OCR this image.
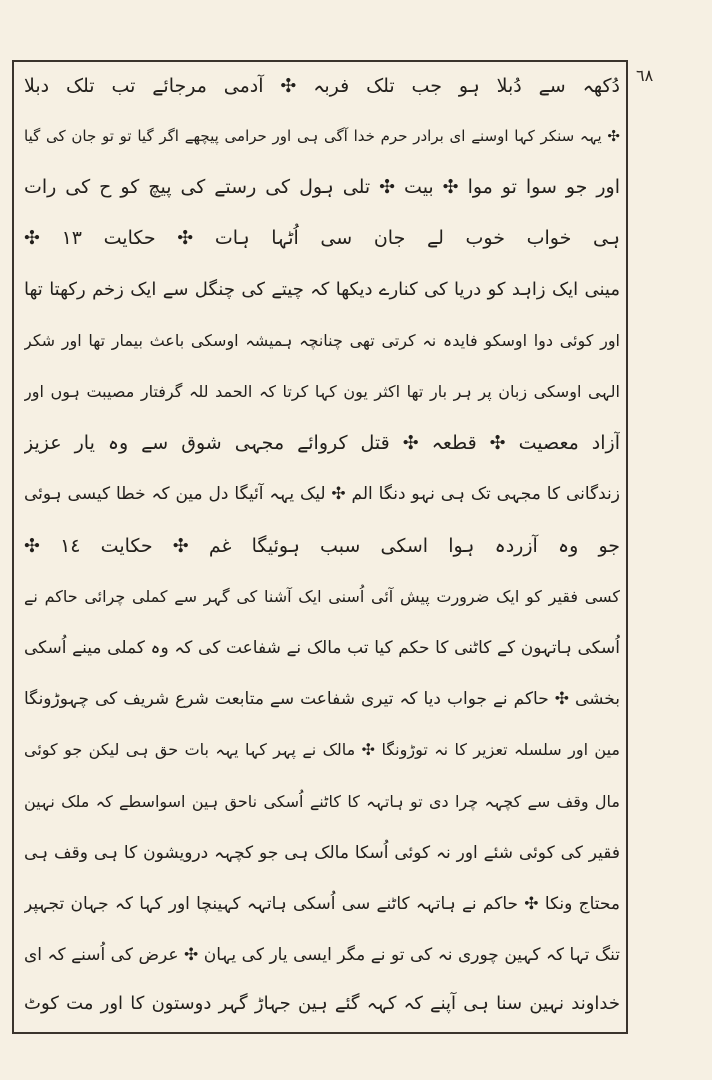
٦٨
دُکھہ سے دُبلا ہو جب تلک فربہ ✣ آدمی مرجائے تب تلک دبلا
✣ یہہ سنکر کہا اوسنے ای برادر حرم خدا آگی ہی اور حرامی پیچھے اگر گیا تو تو جان کی گیا
اور جو سوا تو موا ✣ بیت ✣ تلی ہول کی رستے کی پیچ کو ح کی رات
ہی خواب خوب لے جان سی اُٹہا ہات ✣ حکایت ١٣ ✣
مینی ایک زاہد کو دریا کی کنارے دیکھا کہ چیتے کی چنگل سے ایک زخم رکھتا تھا
اور کوئی دوا اوسکو فایدہ نہ کرتی تھی چنانچہ ہمیشہ اوسکی باعث بیمار تھا اور شکر
الہی اوسکی زبان پر ہر بار تھا اکثر یون کہا کرتا کہ الحمد للہ گرفتار مصیبت ہوں اور
آزاد معصیت ✣ قطعہ ✣ قتل کروائے مجہی شوق سے وہ یار عزیز
زندگانی کا مجہی تک ہی نہو دنگا الم ✣ لیک یہہ آئیگا دل مین کہ خطا کیسی ہوئی
جو وہ آزردہ ہوا اسکی سبب ہوئیگا غم ✣ حکایت ١٤ ✣
کسی فقیر کو ایک ضرورت پیش آئی اُسنی ایک آشنا کی گہر سے کملی چرائی حاکم نے
اُسکی ہاتہون کے کاٹنی کا حکم کیا تب مالک نے شفاعت کی کہ وہ کملی مینے اُسکی
بخشی ✣ حاکم نے جواب دیا کہ تیری شفاعت سے متابعت شرع شریف کی چہوڑونگا
مین اور سلسلہ تعزیر کا نہ توڑونگا ✣ مالک نے پہر کہا یہہ بات حق ہی لیکن جو کوئی
مال وقف سے کچہہ چرا دی تو ہاتہہ کا کاٹنے اُسکی ناحق ہین اسواسطے کہ ملک نہین
فقیر کی کوئی شئے اور نہ کوئی اُسکا مالک ہی جو کچہہ درویشون کا ہی وقف ہی
محتاج ونکا ✣ حاکم نے ہاتہہ کاٹنے سی اُسکی ہاتہہ کہینچا اور کہا کہ جہان تجہپر
تنگ تہا کہ کہین چوری نہ کی تو نے مگر ایسی یار کی یہان ✣ عرض کی اُسنے کہ ای
خداوند نہین سنا ہی آپنے کہ کہہ گئے ہین جہاڑ گہر دوستون کا اور مت کوٹ
